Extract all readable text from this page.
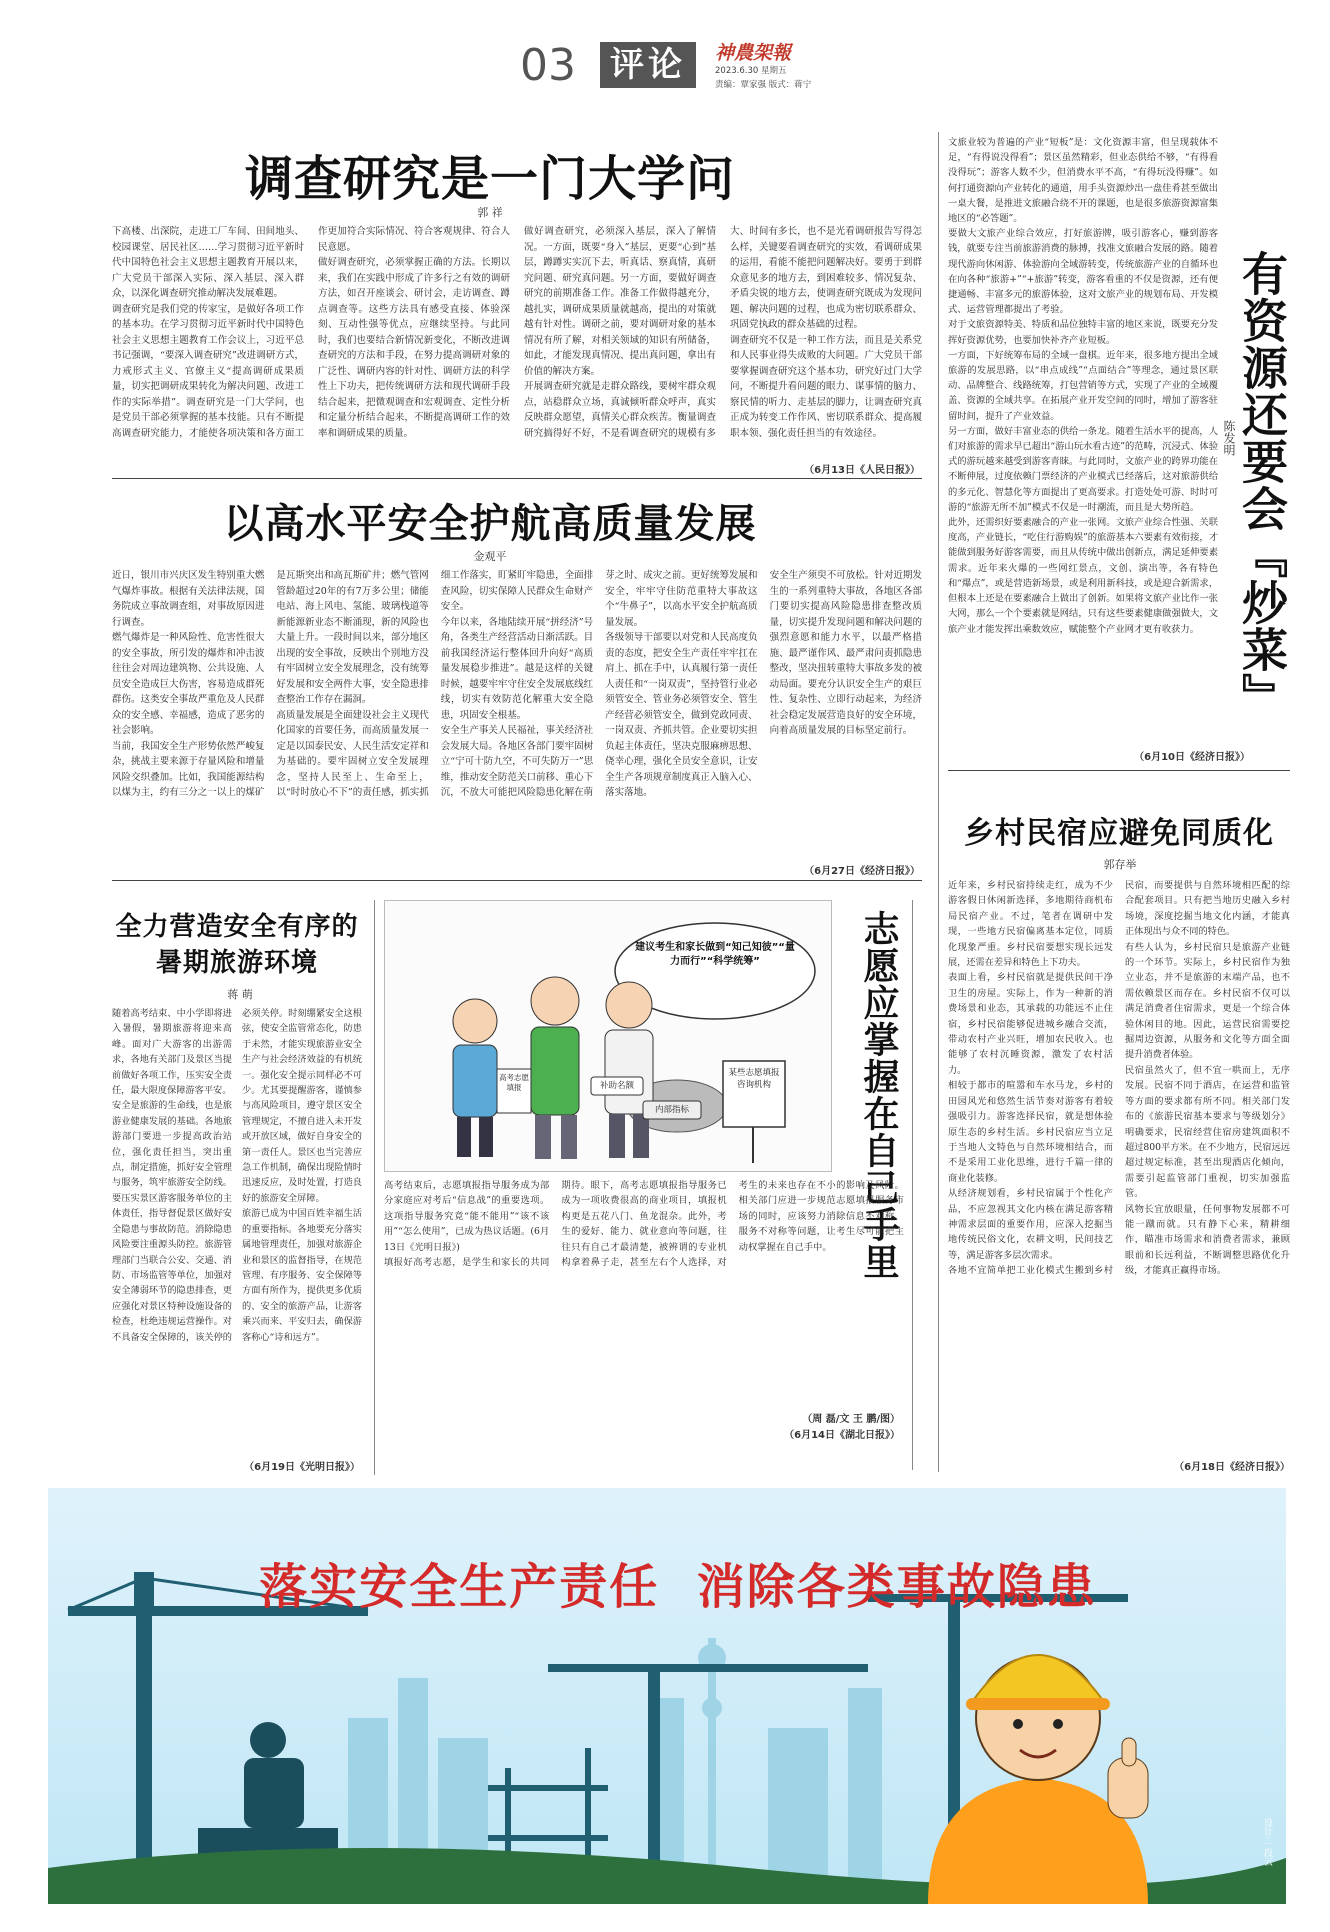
03 评论	神農架報
2023.6.30 星期五
责编：覃家强 版式：蒋宁
调查研究是一门大学问
郭 祥
下高楼、出深院，走进工厂车间、田间地头、校园课堂、居民社区……学习贯彻习近平新时代中国特色社会主义思想主题教育开展以来，广大党员干部深入实际、深入基层、深入群众，以深化调查研究推动解决发展难题。
调查研究是我们党的传家宝，是做好各项工作的基本功。在学习贯彻习近平新时代中国特色社会主义思想主题教育工作会议上，习近平总书记强调，“要深入调查研究”改进调研方式，力戒形式主义、官僚主义“提高调研成果质量，切实把调研成果转化为解决问题、改进工作的实际举措”。调查研究是一门大学问，也是党员干部必须掌握的基本技能。只有不断提高调查研究能力，才能使各项决策和各方面工作更加符合实际情况、符合客观规律、符合人民意愿。
做好调查研究，必须掌握正确的方法。长期以来，我们在实践中形成了许多行之有效的调研方法，如召开座谈会、研讨会，走访调查、蹲点调查等。这些方法具有感受直接、体验深刻、互动性强等优点，应继续坚持。与此同时，我们也要结合新情况新变化，不断改进调查研究的方法和手段，在努力提高调研对象的广泛性、调研内容的针对性、调研方法的科学性上下功夫，把传统调研方法和现代调研手段结合起来，把微观调查和宏观调查、定性分析和定量分析结合起来，不断提高调研工作的效率和调研成果的质量。
做好调查研究，必须深入基层，深入了解情况。一方面，既要“身入”基层，更要“心到”基层，蹲蹲实实沉下去，听真话、察真情，真研究问题、研究真问题。另一方面，要做好调查研究的前期准备工作。准备工作做得越充分，越扎实，调研成果质量就越高，提出的对策就越有针对性。调研之前，要对调研对象的基本情况有所了解，对相关领域的知识有所储备，如此，才能发现真情况、提出真问题，拿出有价值的解决方案。
开展调查研究就是走群众路线，要树牢群众观点，站稳群众立场，真诚倾听群众呼声，真实反映群众愿望，真情关心群众疾苦。衡量调查研究搞得好不好，不是看调查研究的规模有多大、时间有多长，也不是光看调研报告写得怎么样，关键要看调查研究的实效，看调研成果的运用，看能不能把问题解决好。要勇于到群众意见多的地方去，到困难较多、情况复杂、矛盾尖锐的地方去，使调查研究既成为发现问题、解决问题的过程，也成为密切联系群众、巩固党执政的群众基础的过程。
调查研究不仅是一种工作方法，而且是关系党和人民事业得失成败的大问题。广大党员干部要掌握调查研究这个基本功，研究好过门大学问，不断提升看问题的眼力、谋事情的脑力、察民情的听力、走基层的脚力，让调查研究真正成为转变工作作风、密切联系群众、提高履职本领、强化责任担当的有效途径。
（6月13日《人民日报》）
以高水平安全护航高质量发展
金观平
近日，银川市兴庆区发生特别重大燃气爆炸事故。根据有关法律法规，国务院成立事故调查组，对事故原因进行调查。
燃气爆炸是一种风险性、危害性很大的安全事故，所引发的爆炸和冲击波往往会对周边建筑物、公共设施、人员安全造成巨大伤害，容易造成群死群伤。这类安全事故严重危及人民群众的安全感、幸福感，造成了恶劣的社会影响。
当前，我国安全生产形势依然严峻复杂，挑战主要来源于存量风险和增量风险交织叠加。比如，我国能源结构以煤为主，约有三分之一以上的煤矿是瓦斯突出和高瓦斯矿井；燃气管网管龄超过20年的有7万多公里；储能电站、海上风电、氢能、玻璃栈道等新能源新业态不断涌现，新的风险也大量上升。一段时间以来，部分地区出现的安全事故，反映出个别地方没有牢固树立安全发展理念，没有统筹好发展和安全两件大事，安全隐患排查整治工作存在漏洞。
高质量发展是全面建设社会主义现代化国家的首要任务，而高质量发展一定是以国泰民安、人民生活安定祥和为基础的。要牢固树立安全发展理念，坚持人民至上、生命至上，以“时时放心不下”的责任感，抓实抓细工作落实，盯紧盯牢隐患，全面排查风险，切实保障人民群众生命财产安全。
今年以来，各地陆续开展“拼经济”号角，各类生产经营活动日渐活跃。目前我国经济运行整体回升向好“高质量发展稳步推进”。越是这样的关键时候，越要牢牢守住安全发展底线红线，切实有效防范化解重大安全隐患，巩固安全根基。
安全生产事关人民福祉，事关经济社会发展大局。各地区各部门要牢固树立“宁可十防九空，不可失防万一”思维，推动安全防范关口前移、重心下沉，不放大可能把风险隐患化解在萌芽之时、成灾之前。更好统筹发展和安全，牢牢守住防范重特大事故这个“牛鼻子”，以高水平安全护航高质量发展。
各级领导干部要以对党和人民高度负责的态度，把安全生产责任牢牢扛在肩上、抓在手中，认真履行第一责任人责任和“一岗双责”，坚持管行业必须管安全、管业务必须管安全、管生产经营必须管安全，做到党政同责、一岗双责、齐抓共管。企业要切实担负起主体责任，坚决克服麻痹思想、侥幸心理，强化全员安全意识，让安全生产各项规章制度真正入脑入心、落实落地。
安全生产须臾不可放松。针对近期发生的一系列重特大事故，各地区各部门要切实提高风险隐患排查整改质量，切实提升发现问题和解决问题的强烈意愿和能力水平，以最严格措施、最严谨作风、最严肃问责抓隐患整改，坚决扭转重特大事故多发的被动局面。要充分认识安全生产的艰巨性、复杂性、立即行动起来，为经济社会稳定发展营造良好的安全环境，向着高质量发展的目标坚定前行。
（6月27日《经济日报》）
文旅业较为普遍的产业“短板”是：文化资源丰富，但呈现载体不足，“有得说没得看”；景区虽然精彩，但业态供给不够，“有得看没得玩”；游客人数不少，但消费水平不高，“有得玩没得赚”。如何打通资源向产业转化的通道，用手头资源炒出一盘佳肴甚至做出一桌大餐，是推进文旅融合绕不开的课题，也是很多旅游资源富集地区的“必答题”。
要做大文旅产业综合效应，打好旅游牌，吸引游客心，赚到游客钱，就要专注当前旅游消费的脉搏，找准文旅融合发展的路。随着现代游向休闲游、体验游向全域游转变，传统旅游产业的自循环也在向各种“旅游+”“+旅游”转变，游客看重的不仅是资源，还有便捷通畅、丰富多元的旅游体验，这对文旅产业的规划布局、开发模式、运营管理都提出了考验。
对于文旅资源特美、特质和品位独特丰富的地区来说，既要充分发挥好资源优势，也要加快补齐产业短板。
一方面，下好统筹布局的全域一盘棋。近年来，很多地方提出全域旅游的发展思路，以“串点成线”“点面结合”等理念，通过景区联动、品牌整合、线路统筹，打包营销等方式，实现了产业的全域覆盖、资源的全域共享。在拓展产业开发空间的同时，增加了游客驻留时间，提升了产业效益。
另一方面，做好丰富业态的供给一条龙。随着生活水平的提高，人们对旅游的需求早已超出“游山玩水看古迹”的范畴，沉浸式、体验式的游玩越来越受到游客青睐。与此同时，文旅产业的跨界功能在不断伸展，过度依赖门票经济的产业模式已经落后，这对旅游供给的多元化、智慧化等方面提出了更高要求。打造处处可游、时时可游的“旅游无所不加”模式不仅是一时潮流，而且是大势所趋。
此外，还需织好要素融合的产业一张网。文旅产业综合性强、关联度高，产业链长，“吃住行游购娱”的旅游基本六要素有效衔接，才能做到服务好游客需要，而且从传统中做出创新点，满足延伸要素需求。近年来火爆的一些网红景点，文创、演出等，各有特色和“爆点”，或是营造新场景，或是利用新科技，或是迎合新需求，但根本上还是在要素融合上做出了创新。如果将文旅产业比作一张大网，那么一个个要素就是网结，只有这些要素健康做强做大，文旅产业才能发挥出乘数效应，赋能整个产业网才更有收获力。 有资源还要会『炒菜』
陈发明
（6月10日《经济日报》）
乡村民宿应避免同质化
郭存举
近年来，乡村民宿持续走红，成为不少游客假日休闲新选择，多地期待商机布局民宿产业。不过，笔者在调研中发现，一些地方民宿偏离基本定位，同质化现象严重。乡村民宿要想实现长远发展，还需在差异和特色上下功夫。
表面上看，乡村民宿就是提供民间干净卫生的房屋。实际上，作为一种新的消费场景和业态，其承载的功能远不止住宿，乡村民宿能够促进城乡融合交流，带动农村产业兴旺，增加农民收入。也能够了农村沉睡资源，激发了农村活力。
相较于都市的喧嚣和车水马龙，乡村的田园风光和悠然生活节奏对游客有着较强吸引力。游客选择民宿，就是想体验原生态的乡村生活。乡村民宿应当立足于当地人文特色与自然环境相结合，而不是采用工业化思维，进行千篇一律的商业化装修。
从经济规划看，乡村民宿属于个性化产品，不应忽视其文化内核在满足游客精神需求层面的重要作用，应深入挖掘当地传统民俗文化，农耕文明，民间技艺等，满足游客多层次需求。
各地不宜简单把工业化模式生搬到乡村民宿，而要提供与自然环境相匹配的综合配套项目。只有把当地历史融入乡村场境，深度挖掘当地文化内涵，才能真正体现出与众不同的特色。
有些人认为，乡村民宿只是旅游产业链的一个环节。实际上，乡村民宿作为独立业态，并不是旅游的末端产品，也不需依赖景区而存在。乡村民宿不仅可以满足消费者住宿需求，更是一个综合体验休闲目的地。因此，运营民宿需要挖掘周边资源，从服务和文化等方面全面提升消费者体验。
民宿虽然火了，但不宜一哄而上，无序发展。民宿不同于酒店，在运营和监管等方面的要求都有所不同。相关部门发布的《旅游民宿基本要求与等级划分》明确要求，民宿经营住宿房建筑面积不超过800平方米。在不少地方，民宿远远超过规定标准，甚至出现酒店化倾向，需要引起监管部门重视，切实加强监管。
风物长宜放眼量，任何事物发展都不可能一蹴而就。只有静下心来，精耕细作，瞄准市场需求和消费者需求，兼顾眼前和长远利益，不断调整思路优化升级，才能真正赢得市场。
（6月18日《经济日报》）
全力营造安全有序的
暑期旅游环境
蒋 萌
随着高考结束、中小学即将进入暑假，暑期旅游将迎来高峰。面对广大游客的出游需求，各地有关部门及景区当提前做好各项工作，压实安全责任，最大限度保障游客平安。
安全是旅游的生命线，也是旅游业健康发展的基础。各地旅游部门要进一步提高政治站位，强化责任担当，突出重点，制定措施，抓好安全管理与服务，筑牢旅游安全防线。要压实景区游客服务单位的主体责任，指导督促景区做好安全隐患与事故防范。消除隐患风险要注重源头防控。旅游管理部门当联合公安、交通、消防、市场监管等单位，加强对安全薄弱环节的隐患排查，更应强化对景区特种设施设备的检查，杜绝违规运营操作。对不具备安全保障的，该关停的必须关停。时刻绷紧安全这根弦，使安全监管常态化，防患于未然，才能实现旅游业安全生产与社会经济效益的有机统一。强化安全提示同样必不可少。尤其要提醒游客，谨慎参与高风险项目，遵守景区安全管理规定，不擅自进入未开发或开放区域，做好自身安全的第一责任人。景区也当完善应急工作机制，确保出现险情时迅速反应，及时处置，打造良好的旅游安全屏障。
旅游已成为中国百姓幸福生活的重要指标。各地要充分落实属地管理责任，加强对旅游企业和景区的监督指导，在规范管理、有序服务、安全保障等方面有所作为，提供更多优质的、安全的旅游产品，让游客乘兴而来、平安归去，确保游客称心“诗和远方”。
（6月19日《光明日报》）
建议考生和家长做到“知己知彼”“量力而行”“科学统筹”
某些志愿填报咨询机构
高考志愿填报	补助名额
内部指标	志愿应掌握在自己手里
高考结束后，志愿填报指导服务成为部分家庭应对考后“信息战”的重要选项。这项指导服务究竟“能不能用”“该不该用”“怎么使用”，已成为热议话题。(6月13日《光明日报》)
填报好高考志愿，是学生和家长的共同期待。眼下，高考志愿填报指导服务已成为一项收费很高的商业项目，填报机构更是五花八门、鱼龙混杂。此外，考生的爱好、能力、就业意向等问题，往往只有自己才最清楚，被辨谓的专业机构拿着鼻子走，甚至左右个人选择，对考生的未来也存在不小的影响及风险。相关部门应进一步规范志愿填报服务市场的同时，应该努力消除信息不对称、服务不对称等问题，让考生尽可能把主动权掌握在自己手中。
（周 磊/文 王 鹏/图）
（6月14日《湖北日报》）
落实安全生产责任  消除各类事故隐患
设计·一段云
